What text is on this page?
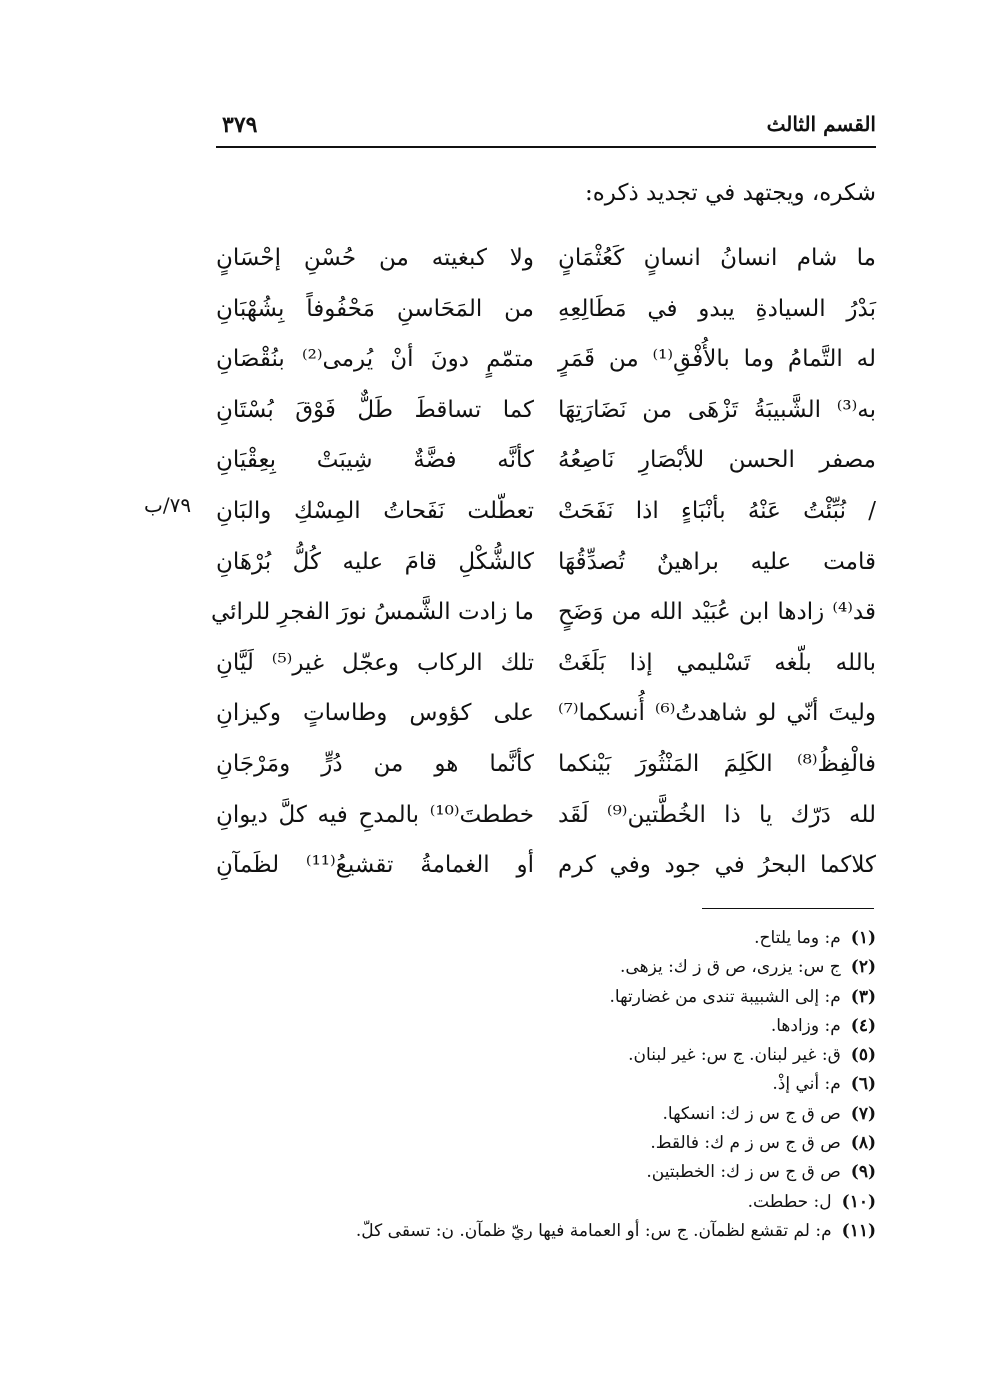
القسم الثالث
٣٧٩
شكره، ويجتهد في تجديد ذكره:
ما شام انسانُ انسانٍ كَعُثْمَانٍ
ولا كبغيته من حُسْنِ إحْسَانٍ
بَدْرُ السيادةِ يبدو في مَطَالِعِهِ
من المَحَاسنِ مَحْفُوفاً بِشُهْبَانِ
له التَّمامُ وما بالأُفْقِ⁽¹⁾ من قَمَرٍ
متمّمٍ دونَ أنْ يُرمى⁽²⁾ بنُقْصَانِ
به⁽³⁾ الشَّبيبَةُ تَزْهَى من نَضَارَتِهَا
كما تساقطَ طَلٌّ فَوْقَ بُسْتَانِ
مصفر الحسن للأبْصَارِ نَاصِعُهُ
كأنَّه فضَّةٌ شِيبَتْ بِعِقْيَانِ
/ نُبِّئْتُ عَنْهُ بأنْبَاءٍ اذا نَفَحَتْ
تعطّلت نَفَحاتُ المِسْكِ والبَانِ
٧٩/ب
قامت عليه براهينٌ تُصدِّقُهَا
كالشُّكْلِ قامَ عليه كُلُّ بُرْهَانِ
قد⁽⁴⁾ زادها ابن عُبَيْد الله من وَضَحٍ
ما زادت الشَّمسُ نورَ الفجرِ للرائي
بالله بلّغه تَسْليمي إذا بَلَغَتْ
تلك الركاب وعجّل غير⁽⁵⁾ لَيَّانِ
وليتَ أنّي لو شاهدتُ⁽⁶⁾ أُنسكما⁽⁷⁾
على كؤوس وطاساتٍ وكيزانِ
فالْفِظُ⁽⁸⁾ الكَلِمَ المَنْثُورَ بَيْنكما
كأنَّما هو من دُرٍّ ومَرْجَانِ
لله دَرّك يا ذا الخُطَّتين⁽⁹⁾ لَقَد
خططتَ⁽¹⁰⁾ بالمدحِ فيه كلَّ ديوانِ
كلاكما البحرُ في جود وفي كرم
أو الغمامةُ تقشيعُ⁽¹¹⁾ لظَمآنِ
(١)
م: وما يلتاح.
(٢)
ج س: يزرى، ص ق ز ك: يزهى.
(٣)
م: إلى الشبيبة تندى من غضارتها.
(٤)
م: وزادها.
(٥)
ق: غير لبنان. ج س: غير لبنان.
(٦)
م: أني إذْ.
(٧)
ص ق ج س ز ك: انسكها.
(٨)
ص ق ج س ز م ك: فالقط.
(٩)
ص ق ج س ز ك: الخطبتين.
(١٠)
ل: حططت.
(١١)
م: لم تقشع لظمآن. ج س: أو العمامة فيها ريّ ظمآن. ن: تسقى كلّ.
